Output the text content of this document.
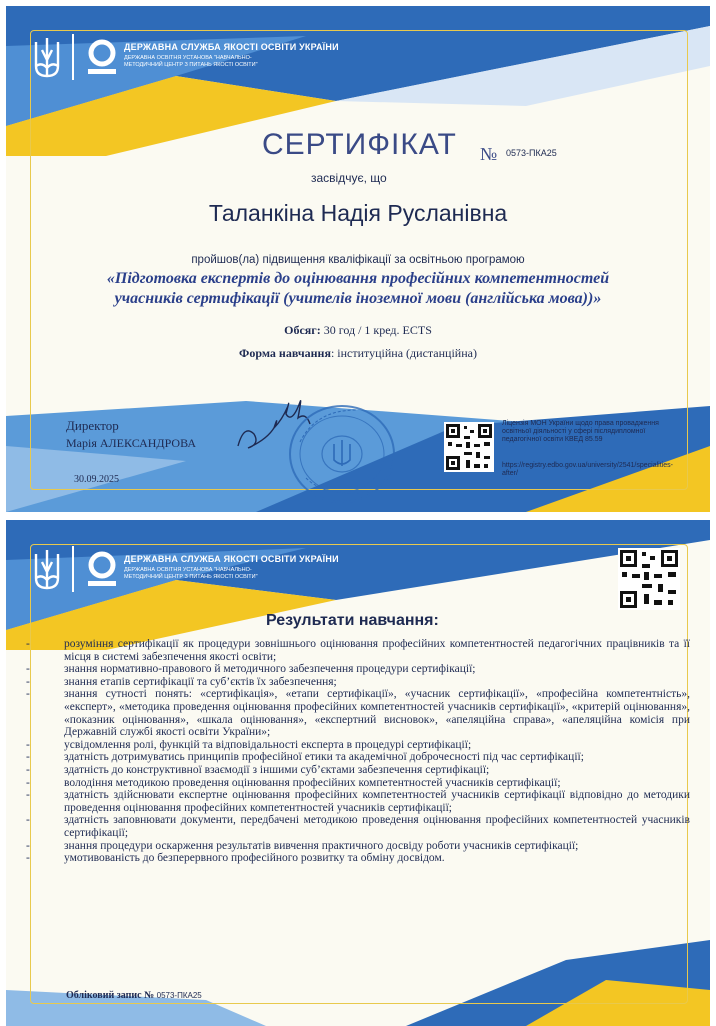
ДЕРЖАВНА СЛУЖБА ЯКОСТІ ОСВІТИ УКРАЇНИ
ДЕРЖАВНА ОСВІТНЯ УСТАНОВА "НАВЧАЛЬНО-МЕТОДИЧНИЙ ЦЕНТР З ПИТАНЬ ЯКОСТІ ОСВІТИ"
СЕРТИФІКАТ № 0573-ПКА25
засвідчує, що
Таланкіна Надія Русланівна
пройшов(ла) підвищення кваліфікації за освітньою програмою
«Підготовка експертів до оцінювання професійних компетентностей
учасників сертифікації (учителів іноземної мови (англійська мова))»
Обсяг: 30 год / 1 кред. ECTS
Форма навчання: інституційна (дистанційна)
Директор
Марія АЛЕКСАНДРОВА
30.09.2025
Ліцензія МОН України щодо права провадження освітньої діяльності у сфері післядипломної педагогічної освіти КВЕД 85.59
https://registry.edbo.gov.ua/university/2541/specialities-after/
ДЕРЖАВНА СЛУЖБА ЯКОСТІ ОСВІТИ УКРАЇНИ
ДЕРЖАВНА ОСВІТНЯ УСТАНОВА "НАВЧАЛЬНО-МЕТОДИЧНИЙ ЦЕНТР З ПИТАНЬ ЯКОСТІ ОСВІТИ"
Результати навчання:
-	розуміння сертифікації як процедури зовнішнього оцінювання професійних компетентностей педагогічних працівників та її місця в системі забезпечення якості освіти;
-	знання нормативно-правового й методичного забезпечення процедури сертифікації;
-	знання етапів сертифікації та суб’єктів їх забезпечення;
-	знання сутності понять: «сертифікація», «етапи сертифікації», «учасник сертифікації», «професійна компетентність», «експерт», «методика проведення оцінювання професійних компетентностей учасників сертифікації», «критерій оцінювання», «показник оцінювання», «шкала оцінювання», «експертний висновок», «апеляційна справа», «апеляційна комісія при Державній службі якості освіти України»;
-	усвідомлення ролі, функцій та відповідальності експерта в процедурі сертифікації;
-	здатність дотримуватись принципів професійної етики та академічної доброчесності під час сертифікації;
-	здатність до конструктивної взаємодії з іншими суб’єктами забезпечення сертифікації;
-	володіння методикою проведення оцінювання професійних компетентностей учасників сертифікації;
-	здатність здійснювати експертне оцінювання професійних компетентностей учасників сертифікації відповідно до методики проведення оцінювання професійних компетентностей учасників сертифікації;
-	здатність заповнювати документи, передбачені методикою проведення оцінювання професійних компетентностей учасників сертифікації;
-	знання процедури оскарження результатів вивчення практичного досвіду роботи учасників сертифікації;
-	умотивованість до безперервного професійного розвитку та обміну досвідом.
Обліковий запис № 0573-ПКА25
